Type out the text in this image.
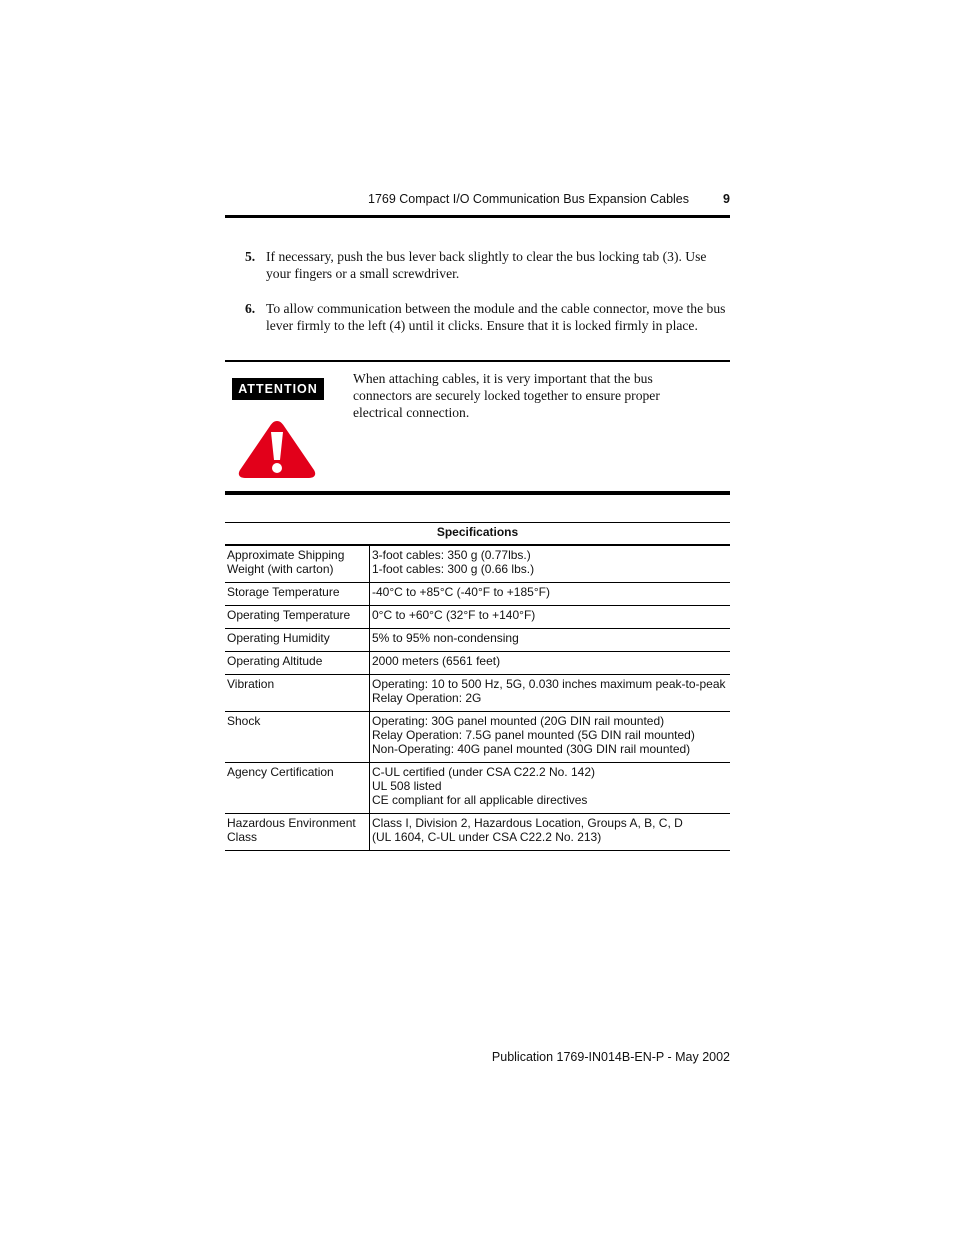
1769 Compact I/O Communication Bus Expansion Cables	9
5. If necessary, push the bus lever back slightly to clear the bus locking tab (3). Use your fingers or a small screwdriver.
6. To allow communication between the module and the cable connector, move the bus lever firmly to the left (4) until it clicks. Ensure that it is locked firmly in place.
ATTENTION
When attaching cables, it is very important that the bus connectors are securely locked together to ensure proper electrical connection.
Specifications
Approximate Shipping Weight (with carton)	3-foot cables: 350 g (0.77lbs.)
1-foot cables: 300 g (0.66 lbs.)

Storage Temperature	-40°C to +85°C (-40°F to +185°F)

Operating Temperature	0°C to +60°C (32°F to +140°F)

Operating Humidity	5% to 95% non-condensing

Operating Altitude	2000 meters (6561 feet)

Vibration	Operating: 10 to 500 Hz, 5G, 0.030 inches maximum peak-to-peak
Relay Operation: 2G

Shock	Operating: 30G panel mounted (20G DIN rail mounted)
Relay Operation: 7.5G panel mounted (5G DIN rail mounted)
Non-Operating: 40G panel mounted (30G DIN rail mounted)

Agency Certification	C-UL certified (under CSA C22.2 No. 142)
UL 508 listed
CE compliant for all applicable directives

Hazardous Environment Class	Class I, Division 2, Hazardous Location, Groups A, B, C, D
(UL 1604, C-UL under CSA C22.2 No. 213)
Publication 1769-IN014B-EN-P - May 2002
